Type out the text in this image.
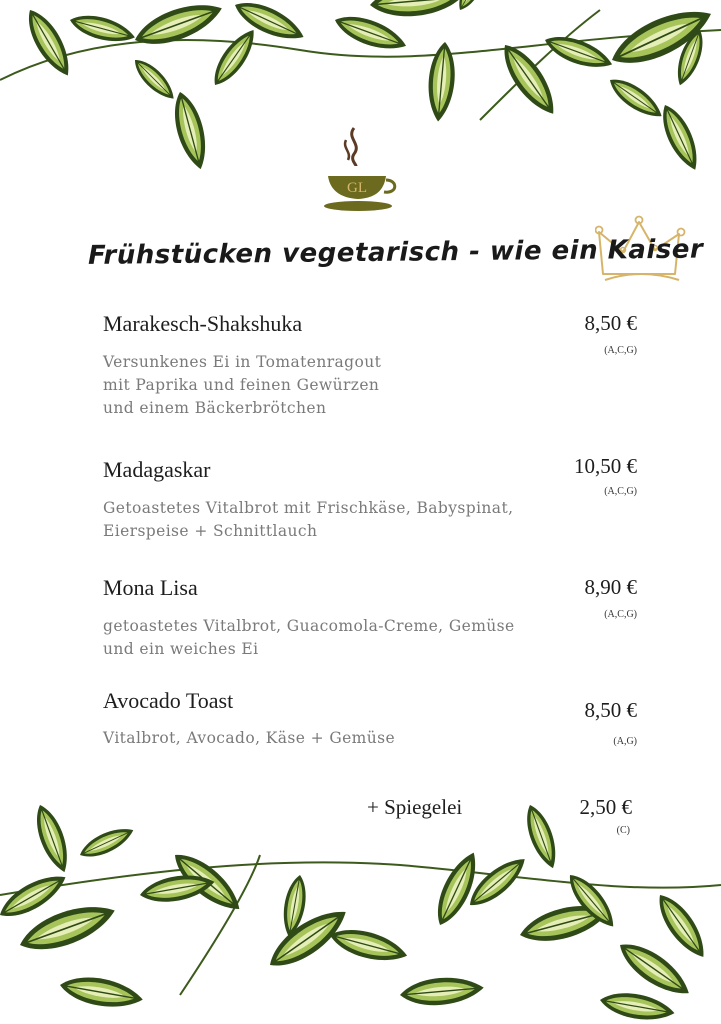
GL
Frühstücken vegetarisch - wie ein Kaiser
Marakesch-Shakshuka	8,50 €
(A,C,G)
Versunkenes Ei in Tomatenragout
mit Paprika und feinen Gewürzen
und einem Bäckerbrötchen
Madagaskar	10,50 €
(A,C,G)
Getoastetes Vitalbrot mit Frischkäse, Babyspinat,
Eierspeise + Schnittlauch
Mona Lisa	8,90 €
(A,C,G)
getoastetes Vitalbrot, Guacomola-Creme, Gemüse
und ein weiches Ei
Avocado Toast	8,50 €
(A,G)
Vitalbrot, Avocado, Käse + Gemüse
+ Spiegelei	2,50 €
(C)
